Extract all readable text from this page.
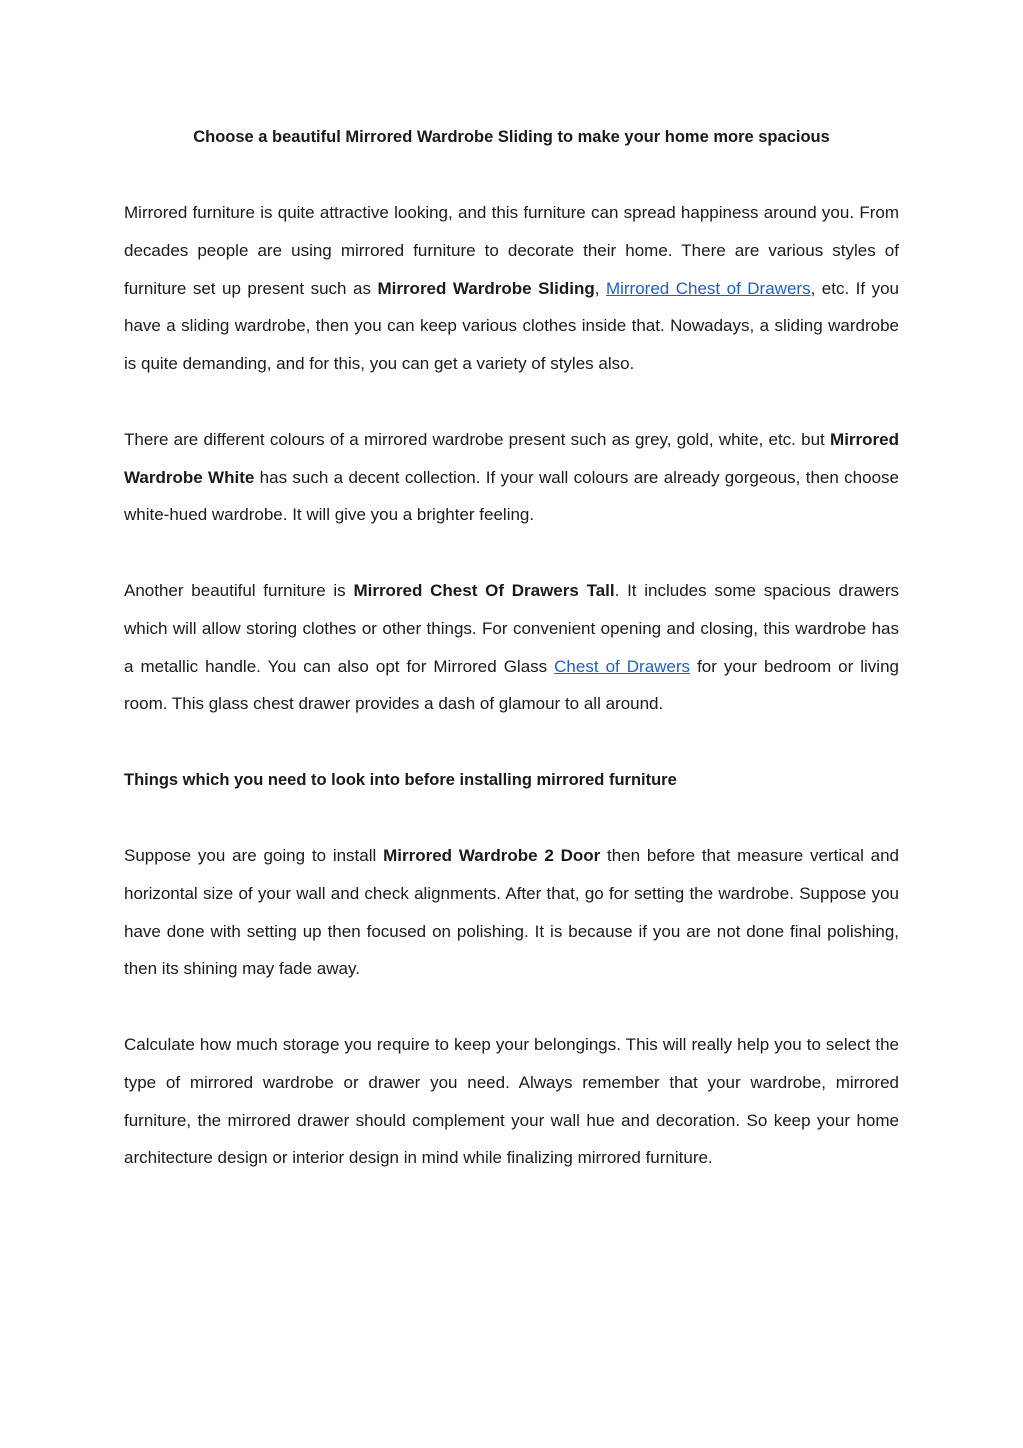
Choose a beautiful Mirrored Wardrobe Sliding to make your home more spacious

Mirrored furniture is quite attractive looking, and this furniture can spread happiness around you. From decades people are using mirrored furniture to decorate their home. There are various styles of furniture set up present such as Mirrored Wardrobe Sliding, Mirrored Chest of Drawers, etc. If you have a sliding wardrobe, then you can keep various clothes inside that. Nowadays, a sliding wardrobe is quite demanding, and for this, you can get a variety of styles also.

There are different colours of a mirrored wardrobe present such as grey, gold, white, etc. but Mirrored Wardrobe White has such a decent collection. If your wall colours are already gorgeous, then choose white-hued wardrobe. It will give you a brighter feeling.

Another beautiful furniture is Mirrored Chest Of Drawers Tall. It includes some spacious drawers which will allow storing clothes or other things. For convenient opening and closing, this wardrobe has a metallic handle. You can also opt for Mirrored Glass Chest of Drawers for your bedroom or living room. This glass chest drawer provides a dash of glamour to all around.

Things which you need to look into before installing mirrored furniture

Suppose you are going to install Mirrored Wardrobe 2 Door then before that measure vertical and horizontal size of your wall and check alignments. After that, go for setting the wardrobe. Suppose you have done with setting up then focused on polishing. It is because if you are not done final polishing, then its shining may fade away.

Calculate how much storage you require to keep your belongings. This will really help you to select the type of mirrored wardrobe or drawer you need. Always remember that your wardrobe, mirrored furniture, the mirrored drawer should complement your wall hue and decoration. So keep your home architecture design or interior design in mind while finalizing mirrored furniture.
